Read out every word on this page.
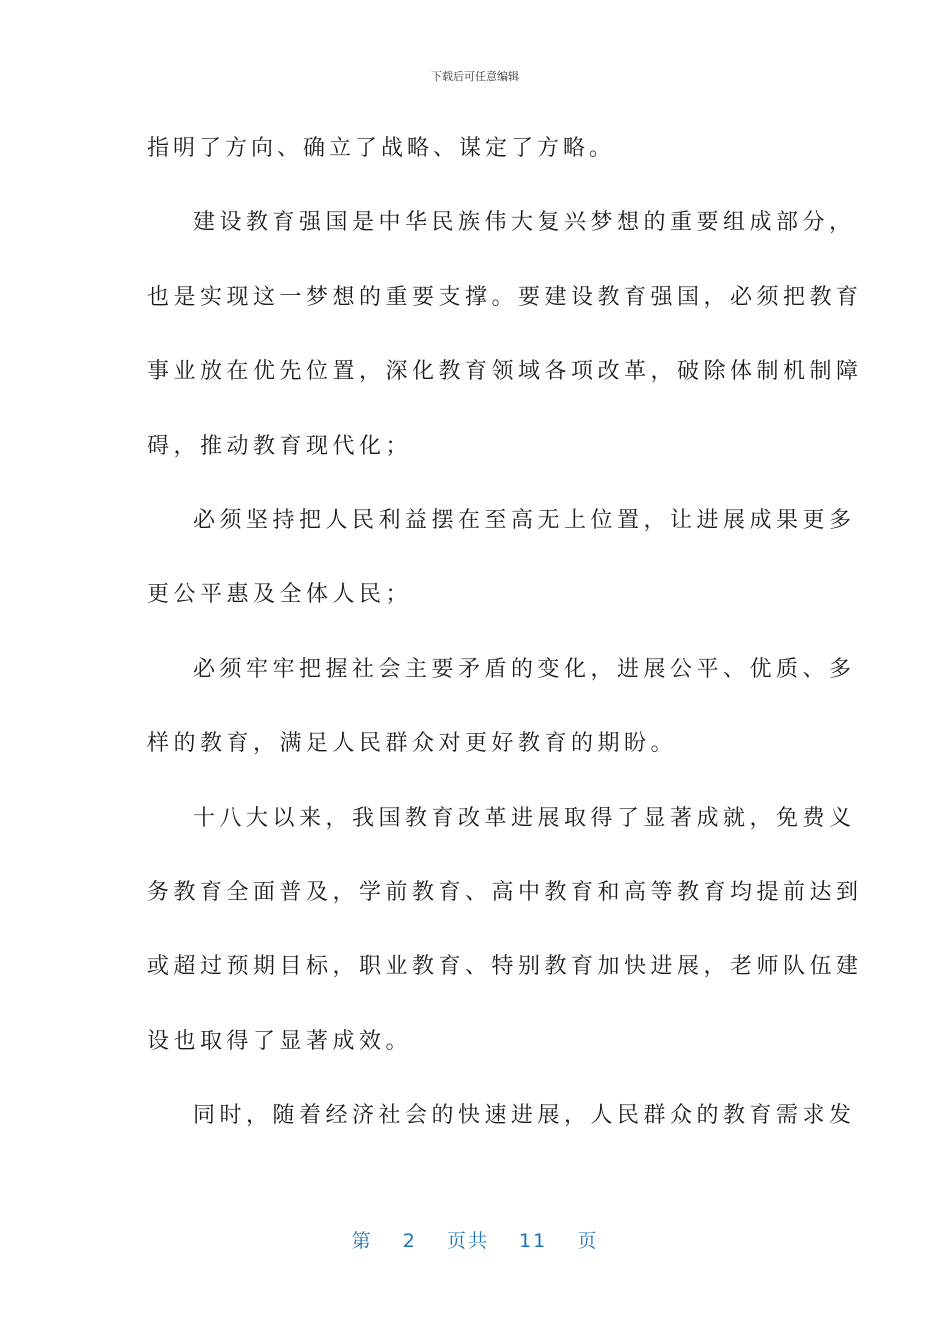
下载后可任意编辑
指明了方向、确立了战略、谋定了方略。
建设教育强国是中华民族伟大复兴梦想的重要组成部分，
也是实现这一梦想的重要支撑。要建设教育强国，必须把教育
事业放在优先位置，深化教育领域各项改革，破除体制机制障
碍，推动教育现代化；
必须坚持把人民利益摆在至高无上位置，让进展成果更多
更公平惠及全体人民；
必须牢牢把握社会主要矛盾的变化，进展公平、优质、多
样的教育，满足人民群众对更好教育的期盼。
十八大以来，我国教育改革进展取得了显著成就，免费义
务教育全面普及，学前教育、高中教育和高等教育均提前达到
或超过预期目标，职业教育、特别教育加快进展，老师队伍建
设也取得了显著成效。
同时，随着经济社会的快速进展，人民群众的教育需求发
第 2 页共 11 页
